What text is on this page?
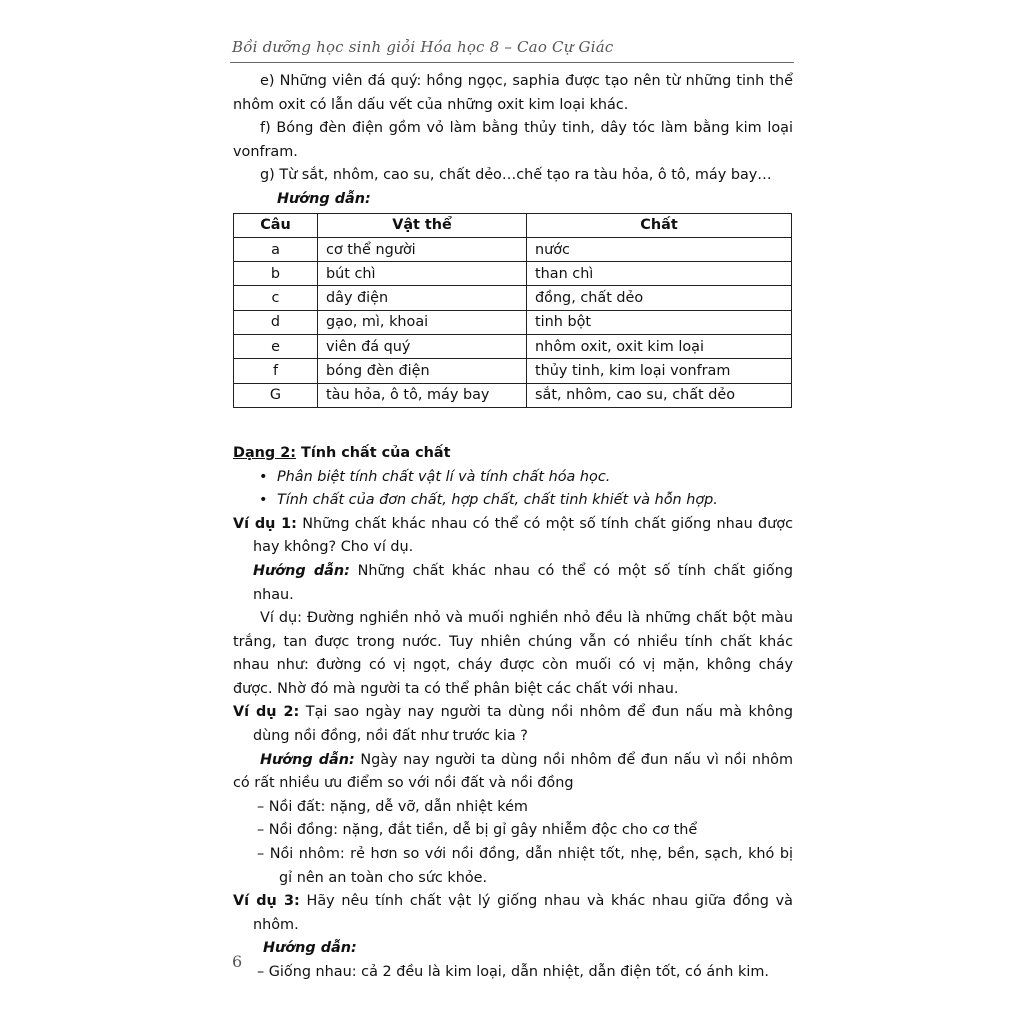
Bồi dưỡng học sinh giỏi Hóa học 8 – Cao Cự Giác

e) Những viên đá quý: hồng ngọc, saphia được tạo nên từ những tinh thể nhôm oxit có lẫn dấu vết của những oxit kim loại khác.

f) Bóng đèn điện gồm vỏ làm bằng thủy tinh, dây tóc làm bằng kim loại vonfram.

g) Từ sắt, nhôm, cao su, chất dẻo…chế tạo ra tàu hỏa, ô tô, máy bay…

Hướng dẫn:

Câu	Vật thể	Chất
a	cơ thể người	nước
b	bút chì	than chì
c	dây điện	đồng, chất dẻo
d	gạo, mì, khoai	tinh bột
e	viên đá quý	nhôm oxit, oxit kim loại
f	bóng đèn điện	thủy tinh, kim loại vonfram
G	tàu hỏa, ô tô, máy bay	sắt, nhôm, cao su, chất dẻo

Dạng 2: Tính chất của chất

• Phân biệt tính chất vật lí và tính chất hóa học.
• Tính chất của đơn chất, hợp chất, chất tinh khiết và hỗn hợp.

Ví dụ 1: Những chất khác nhau có thể có một số tính chất giống nhau được hay không? Cho ví dụ.

Hướng dẫn: Những chất khác nhau có thể có một số tính chất giống nhau.

Ví dụ: Đường nghiền nhỏ và muối nghiền nhỏ đều là những chất bột màu trắng, tan được trong nước. Tuy nhiên chúng vẫn có nhiều tính chất khác nhau như: đường có vị ngọt, cháy được còn muối có vị mặn, không cháy được. Nhờ đó mà người ta có thể phân biệt các chất với nhau.

Ví dụ 2: Tại sao ngày nay người ta dùng nồi nhôm để đun nấu mà không dùng nồi đồng, nồi đất như trước kia ?

Hướng dẫn: Ngày nay người ta dùng nồi nhôm để đun nấu vì nồi nhôm có rất nhiều ưu điểm so với nồi đất và nồi đồng

– Nồi đất: nặng, dễ vỡ, dẫn nhiệt kém

– Nồi đồng: nặng, đắt tiền, dễ bị gỉ gây nhiễm độc cho cơ thể

– Nồi nhôm: rẻ hơn so với nồi đồng, dẫn nhiệt tốt, nhẹ, bền, sạch, khó bị gỉ nên an toàn cho sức khỏe.

Ví dụ 3: Hãy nêu tính chất vật lý giống nhau và khác nhau giữa đồng và nhôm.

Hướng dẫn:

– Giống nhau: cả 2 đều là kim loại, dẫn nhiệt, dẫn điện tốt, có ánh kim.

6
